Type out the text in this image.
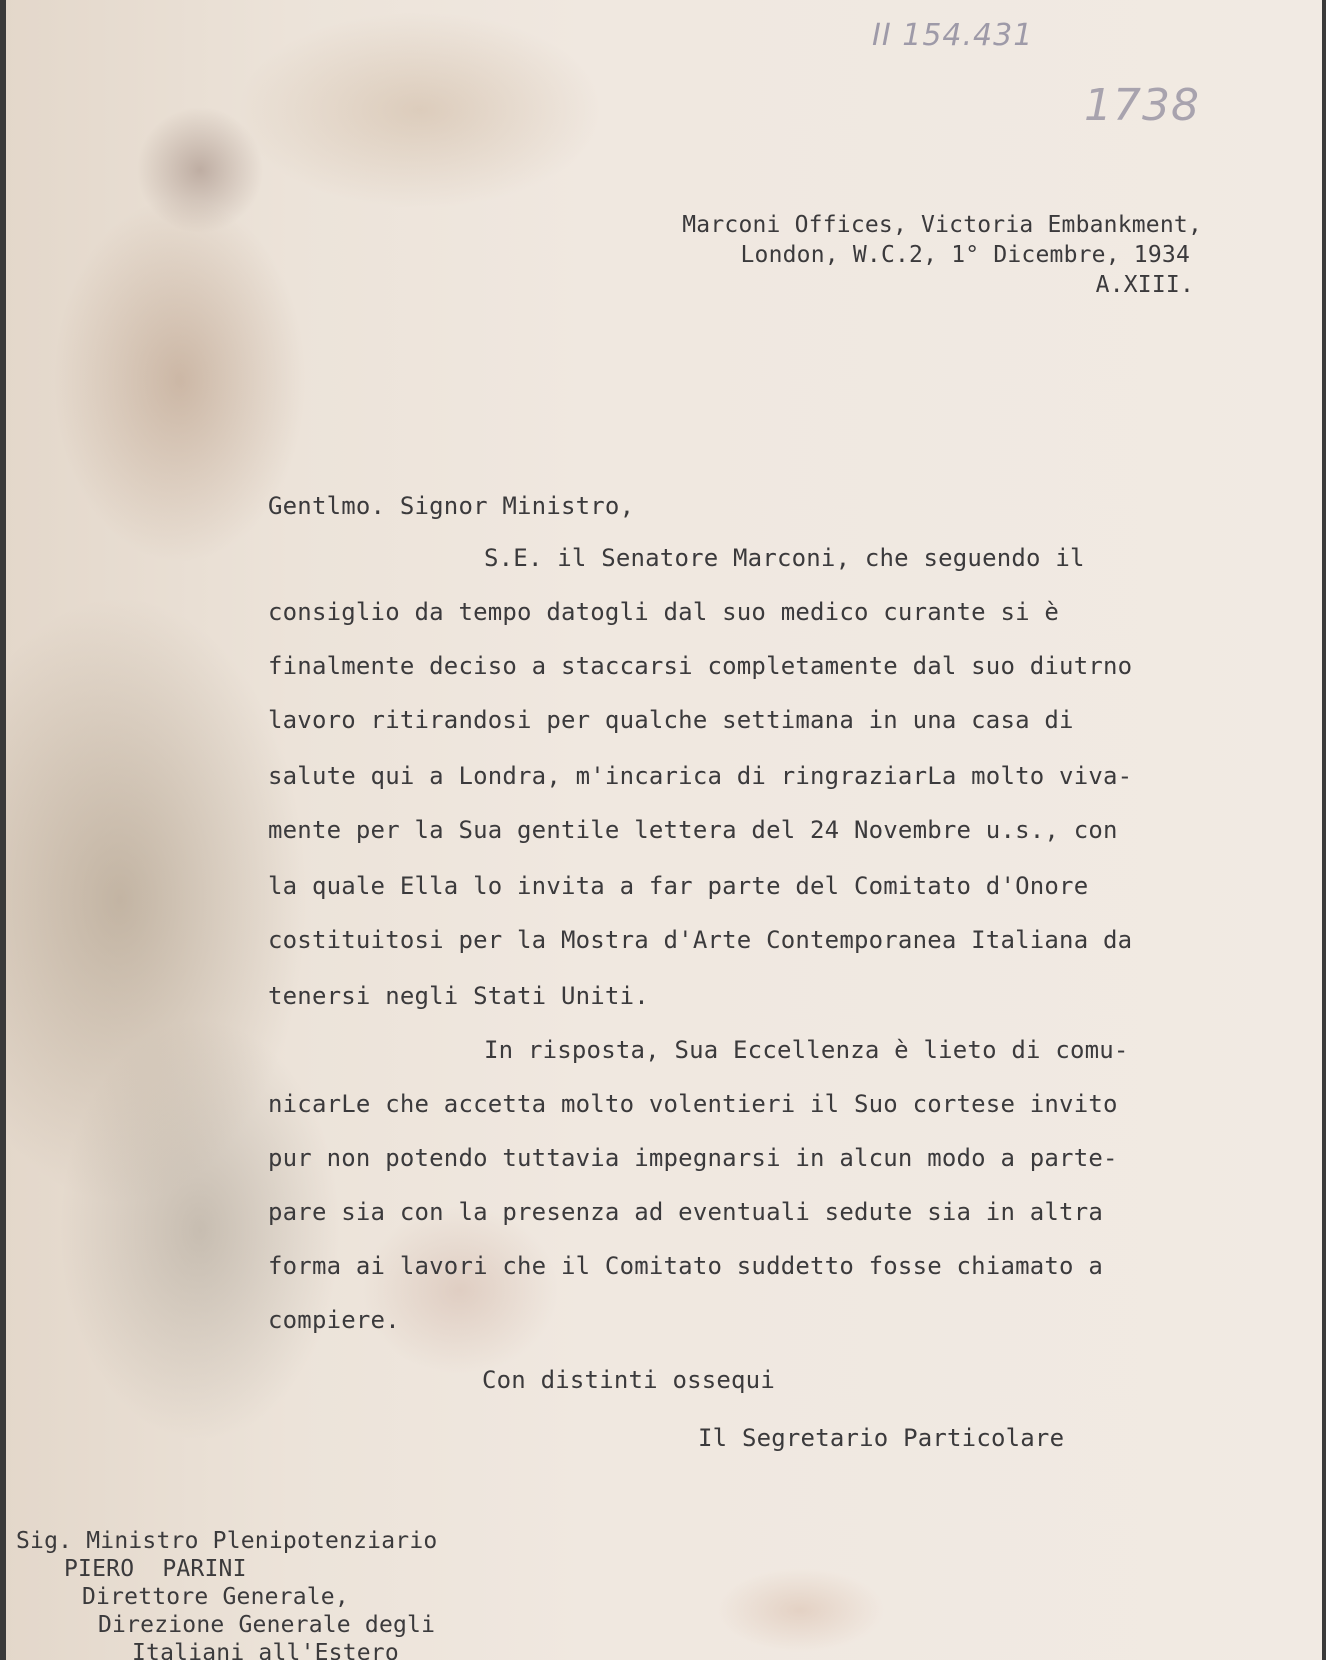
II 154.431
1738
Marconi Offices, Victoria Embankment,
London, W.C.2, 1° Dicembre, 1934
A.XIII.
Gentlmo. Signor Ministro,
S.E. il Senatore Marconi, che seguendo il
consiglio da tempo datogli dal suo medico curante si è
finalmente deciso a staccarsi completamente dal suo diutrno
lavoro ritirandosi per qualche settimana in una casa di
salute qui a Londra, m'incarica di ringraziarLa molto viva-
mente per la Sua gentile lettera del 24 Novembre u.s., con
la quale Ella lo invita a far parte del Comitato d'Onore
costituitosi per la Mostra d'Arte Contemporanea Italiana da
tenersi negli Stati Uniti.
In risposta, Sua Eccellenza è lieto di comu-
nicarLe che accetta molto volentieri il Suo cortese invito
pur non potendo tuttavia impegnarsi in alcun modo a parte-
pare sia con la presenza ad eventuali sedute sia in altra
forma ai lavori che il Comitato suddetto fosse chiamato a
compiere.
Con distinti ossequi
Il Segretario Particolare
Sig. Ministro Plenipotenziario
PIERO  PARINI
Direttore Generale,
Direzione Generale degli
Italiani all'Estero
